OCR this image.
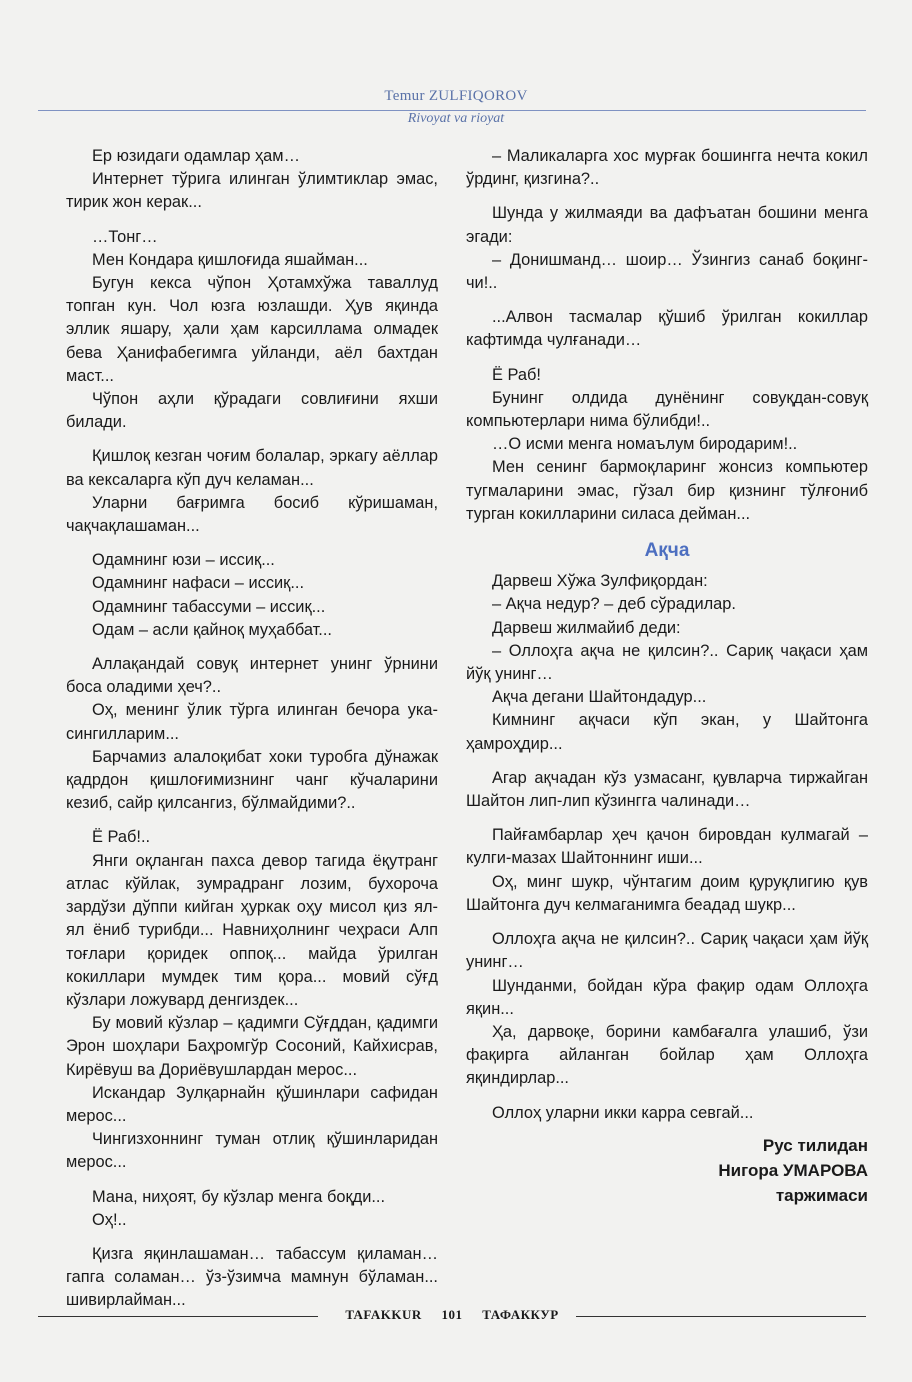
Temur ZULFIQOROV
Rivoyat va rioyat

Ер юзидаги одамлар ҳам…

Интернет тўрига илинган ўлимтиклар эмас, тирик жон керак...

…Тонг…

Мен Кондара қишлоғида яшайман...

Бугун кекса чўпон Ҳотамхўжа таваллуд топган кун. Чол юзга юзлашди. Ҳув яқинда эллик яшару, ҳали ҳам карсиллама олмадек бева Ҳанифабегимга уйланди, аёл бахтдан маст...

Чўпон аҳли қўрадаги совлиғини яхши билади.

Қишлоқ кезган чоғим болалар, эркагу аёллар ва кексаларга кўп дуч келаман...

Уларни бағримга босиб кўришаман, чақчақлашаман...

Одамнинг юзи – иссиқ...

Одамнинг нафаси – иссиқ...

Одамнинг табассуми – иссиқ...

Одам – асли қайноқ муҳаббат...

Аллақандай совуқ интернет унинг ўрнини боса оладими ҳеч?..

Оҳ, менинг ўлик тўрга илинган бечора ука-сингилларим...

Барчамиз алалоқибат хоки туробга дўнажак қадрдон қишлоғимизнинг чанг кўчаларини кезиб, сайр қилсангиз, бўлмайдими?..

Ё Раб!..

Янги оқланган пахса девор тагида ёқутранг атлас кўйлак, зумрадранг лозим, бухороча зардўзи дўппи кийган ҳуркак оҳу мисол қиз ял-ял ёниб турибди... Навниҳолнинг чеҳраси Алп тоғлари қоридек оппоқ... майда ўрилган кокиллари мумдек тим қора... мовий сўғд кўзлари ложувард денгиздек...

Бу мовий кўзлар – қадимги Сўғддан, қадимги Эрон шоҳлари Баҳромгўр Сосоний, Кайхисрав, Кирёвуш ва Дориёвушлардан мерос...

Искандар Зулқарнайн қўшинлари сафидан мерос...

Чингизхоннинг туман отлиқ қўшинларидан мерос...

Мана, ниҳоят, бу кўзлар менга боқди...

Оҳ!..

Қизга яқинлашаман… табассум қиламан… гапга соламан… ўз-ўзимча мамнун бўламан... шивирлайман...

– Маликаларга хос мурғак бошингга нечта кокил ўрдинг, қизгина?..

Шунда у жилмаяди ва дафъатан бошини менга эгади:

– Донишманд… шоир… Ўзингиз санаб боқинг-чи!..

...Алвон тасмалар қўшиб ўрилган кокиллар кафтимда чулғанади…

Ё Раб!

Бунинг олдида дунёнинг совуқдан-совуқ компьютерлари нима бўлибди!..

…О исми менга номаълум биродарим!..

Мен сенинг бармоқларинг жонсиз компьютер тугмаларини эмас, гўзал бир қизнинг тўлғониб турган кокилларини силаса дейман...

Ақча

Дарвеш Хўжа Зулфиқордан:

– Ақча недур? – деб сўрадилар.

Дарвеш жилмайиб деди:

– Оллоҳга ақча не қилсин?.. Сариқ чақаси ҳам йўқ унинг…

Ақча дегани Шайтондадур...

Кимнинг ақчаси кўп экан, у Шайтонга ҳамроҳдир...

Агар ақчадан кўз узмасанг, қувларча тиржайган Шайтон лип-лип кўзингга чалинади…

Пайғамбарлар ҳеч қачон бировдан кулмагай – кулги-мазах Шайтоннинг иши...

Оҳ, минг шукр, чўнтагим доим қуруқлигию қув Шайтонга дуч келмаганимга беадад шукр...

Оллоҳга ақча не қилсин?.. Сариқ чақаси ҳам йўқ унинг…

Шунданми, бойдан кўра фақир одам Оллоҳга яқин...

Ҳа, дарвоқе, борини камбағалга улашиб, ўзи фақирга айланган бойлар ҳам Оллоҳга яқиндирлар...

Оллоҳ уларни икки карра севгай...

Рус тилидан
Нигора УМАРОВА
таржимаси
TAFAKKUR 101 ТАФАККУР
